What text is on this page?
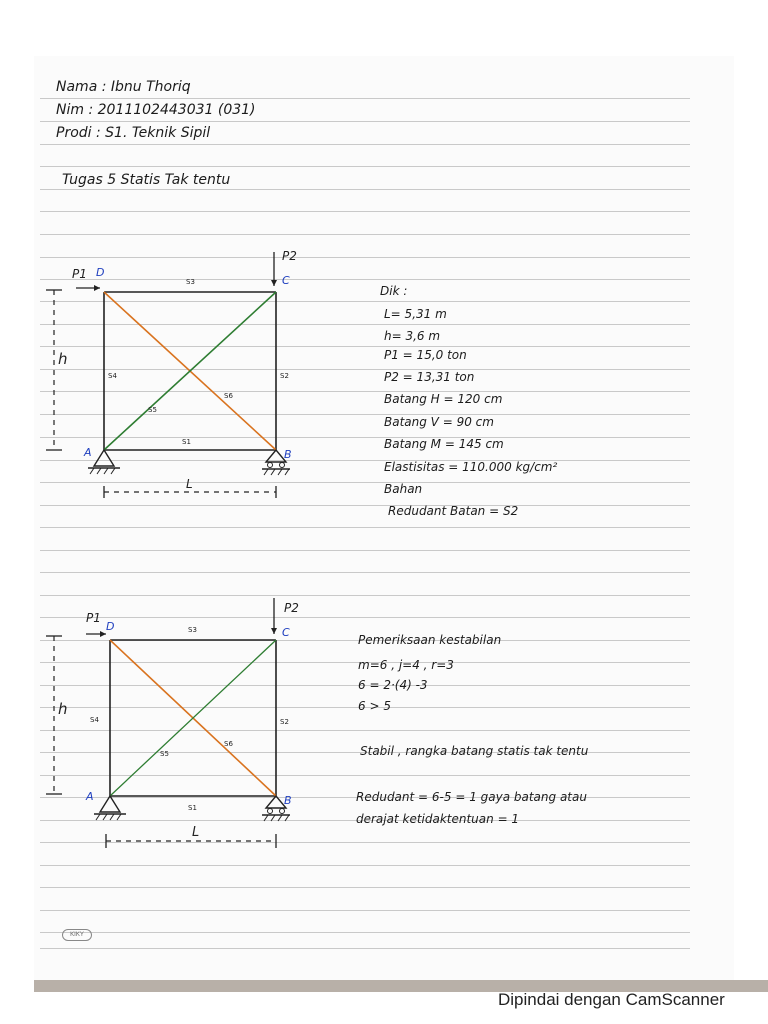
Nama : Ibnu Thoriq
Nim : 2011102443031 (031)
Prodi : S1. Teknik Sipil
Tugas 5 Statis Tak tentu
P1
P2
D
C
A	B
h
L
S3
S4	S2
S1
S5
S6
Dik :
L= 5,31 m
h= 3,6 m
P1 = 15,0 ton
P2 = 13,31 ton
Batang H = 120 cm
Batang V = 90 cm
Batang M = 145 cm
Elastisitas = 110.000 kg/cm²
Bahan
Redudant Batan = S2
P1
P2
D	C
A	B
h
L
S3
S4	S2
S1
S5
S6
Pemeriksaan kestabilan
m=6 , j=4 , r=3
6 = 2·(4) -3
6 > 5
Stabil , rangka batang statis tak tentu
Redudant = 6-5 = 1 gaya batang atau
derajat ketidaktentuan = 1
KIKY
Dipindai dengan CamScanner
